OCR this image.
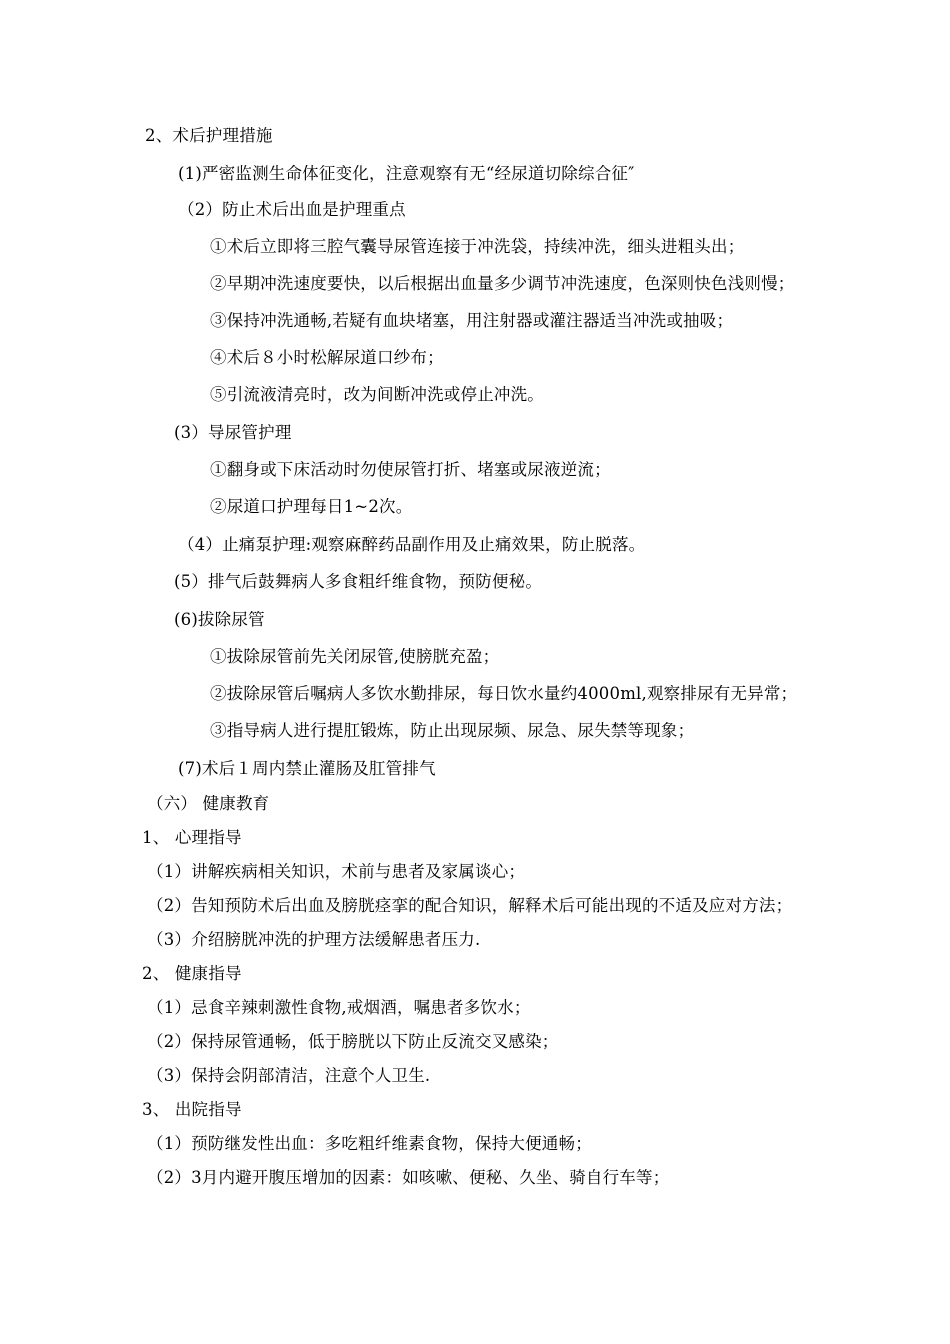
2、术后护理措施
(1)严密监测生命体征变化，注意观察有无“经尿道切除综合征″
（2）防止术后出血是护理重点
①术后立即将三腔气囊导尿管连接于冲洗袋，持续冲洗，细头进粗头出；
②早期冲洗速度要快，以后根据出血量多少调节冲洗速度，色深则快色浅则慢；
③保持冲洗通畅,若疑有血块堵塞，用注射器或灌注器适当冲洗或抽吸；
④术后８小时松解尿道口纱布；
⑤引流液清亮时，改为间断冲洗或停止冲洗。
(3）导尿管护理
①翻身或下床活动时勿使尿管打折、堵塞或尿液逆流；
②尿道口护理每日1~2次。
（4）止痛泵护理:观察麻醉药品副作用及止痛效果，防止脱落。
(5）排气后鼓舞病人多食粗纤维食物，预防便秘。
(6)拔除尿管
①拔除尿管前先关闭尿管,使膀胱充盈；
②拔除尿管后嘱病人多饮水勤排尿，每日饮水量约4000ml,观察排尿有无异常；
③指导病人进行提肛锻炼，防止出现尿频、尿急、尿失禁等现象；
(7)术后１周内禁止灌肠及肛管排气
（六） 健康教育
1、 心理指导
（1）讲解疾病相关知识，术前与患者及家属谈心；
（2）告知预防术后出血及膀胱痉挛的配合知识，解释术后可能出现的不适及应对方法；
（3）介绍膀胱冲洗的护理方法缓解患者压力.
2、 健康指导
（1）忌食辛辣刺激性食物,戒烟酒，嘱患者多饮水；
（2）保持尿管通畅，低于膀胱以下防止反流交叉感染；
（3）保持会阴部清洁，注意个人卫生.
3、 出院指导
（1）预防继发性出血：多吃粗纤维素食物，保持大便通畅；
（2）3月内避开腹压增加的因素：如咳嗽、便秘、久坐、骑自行车等；
